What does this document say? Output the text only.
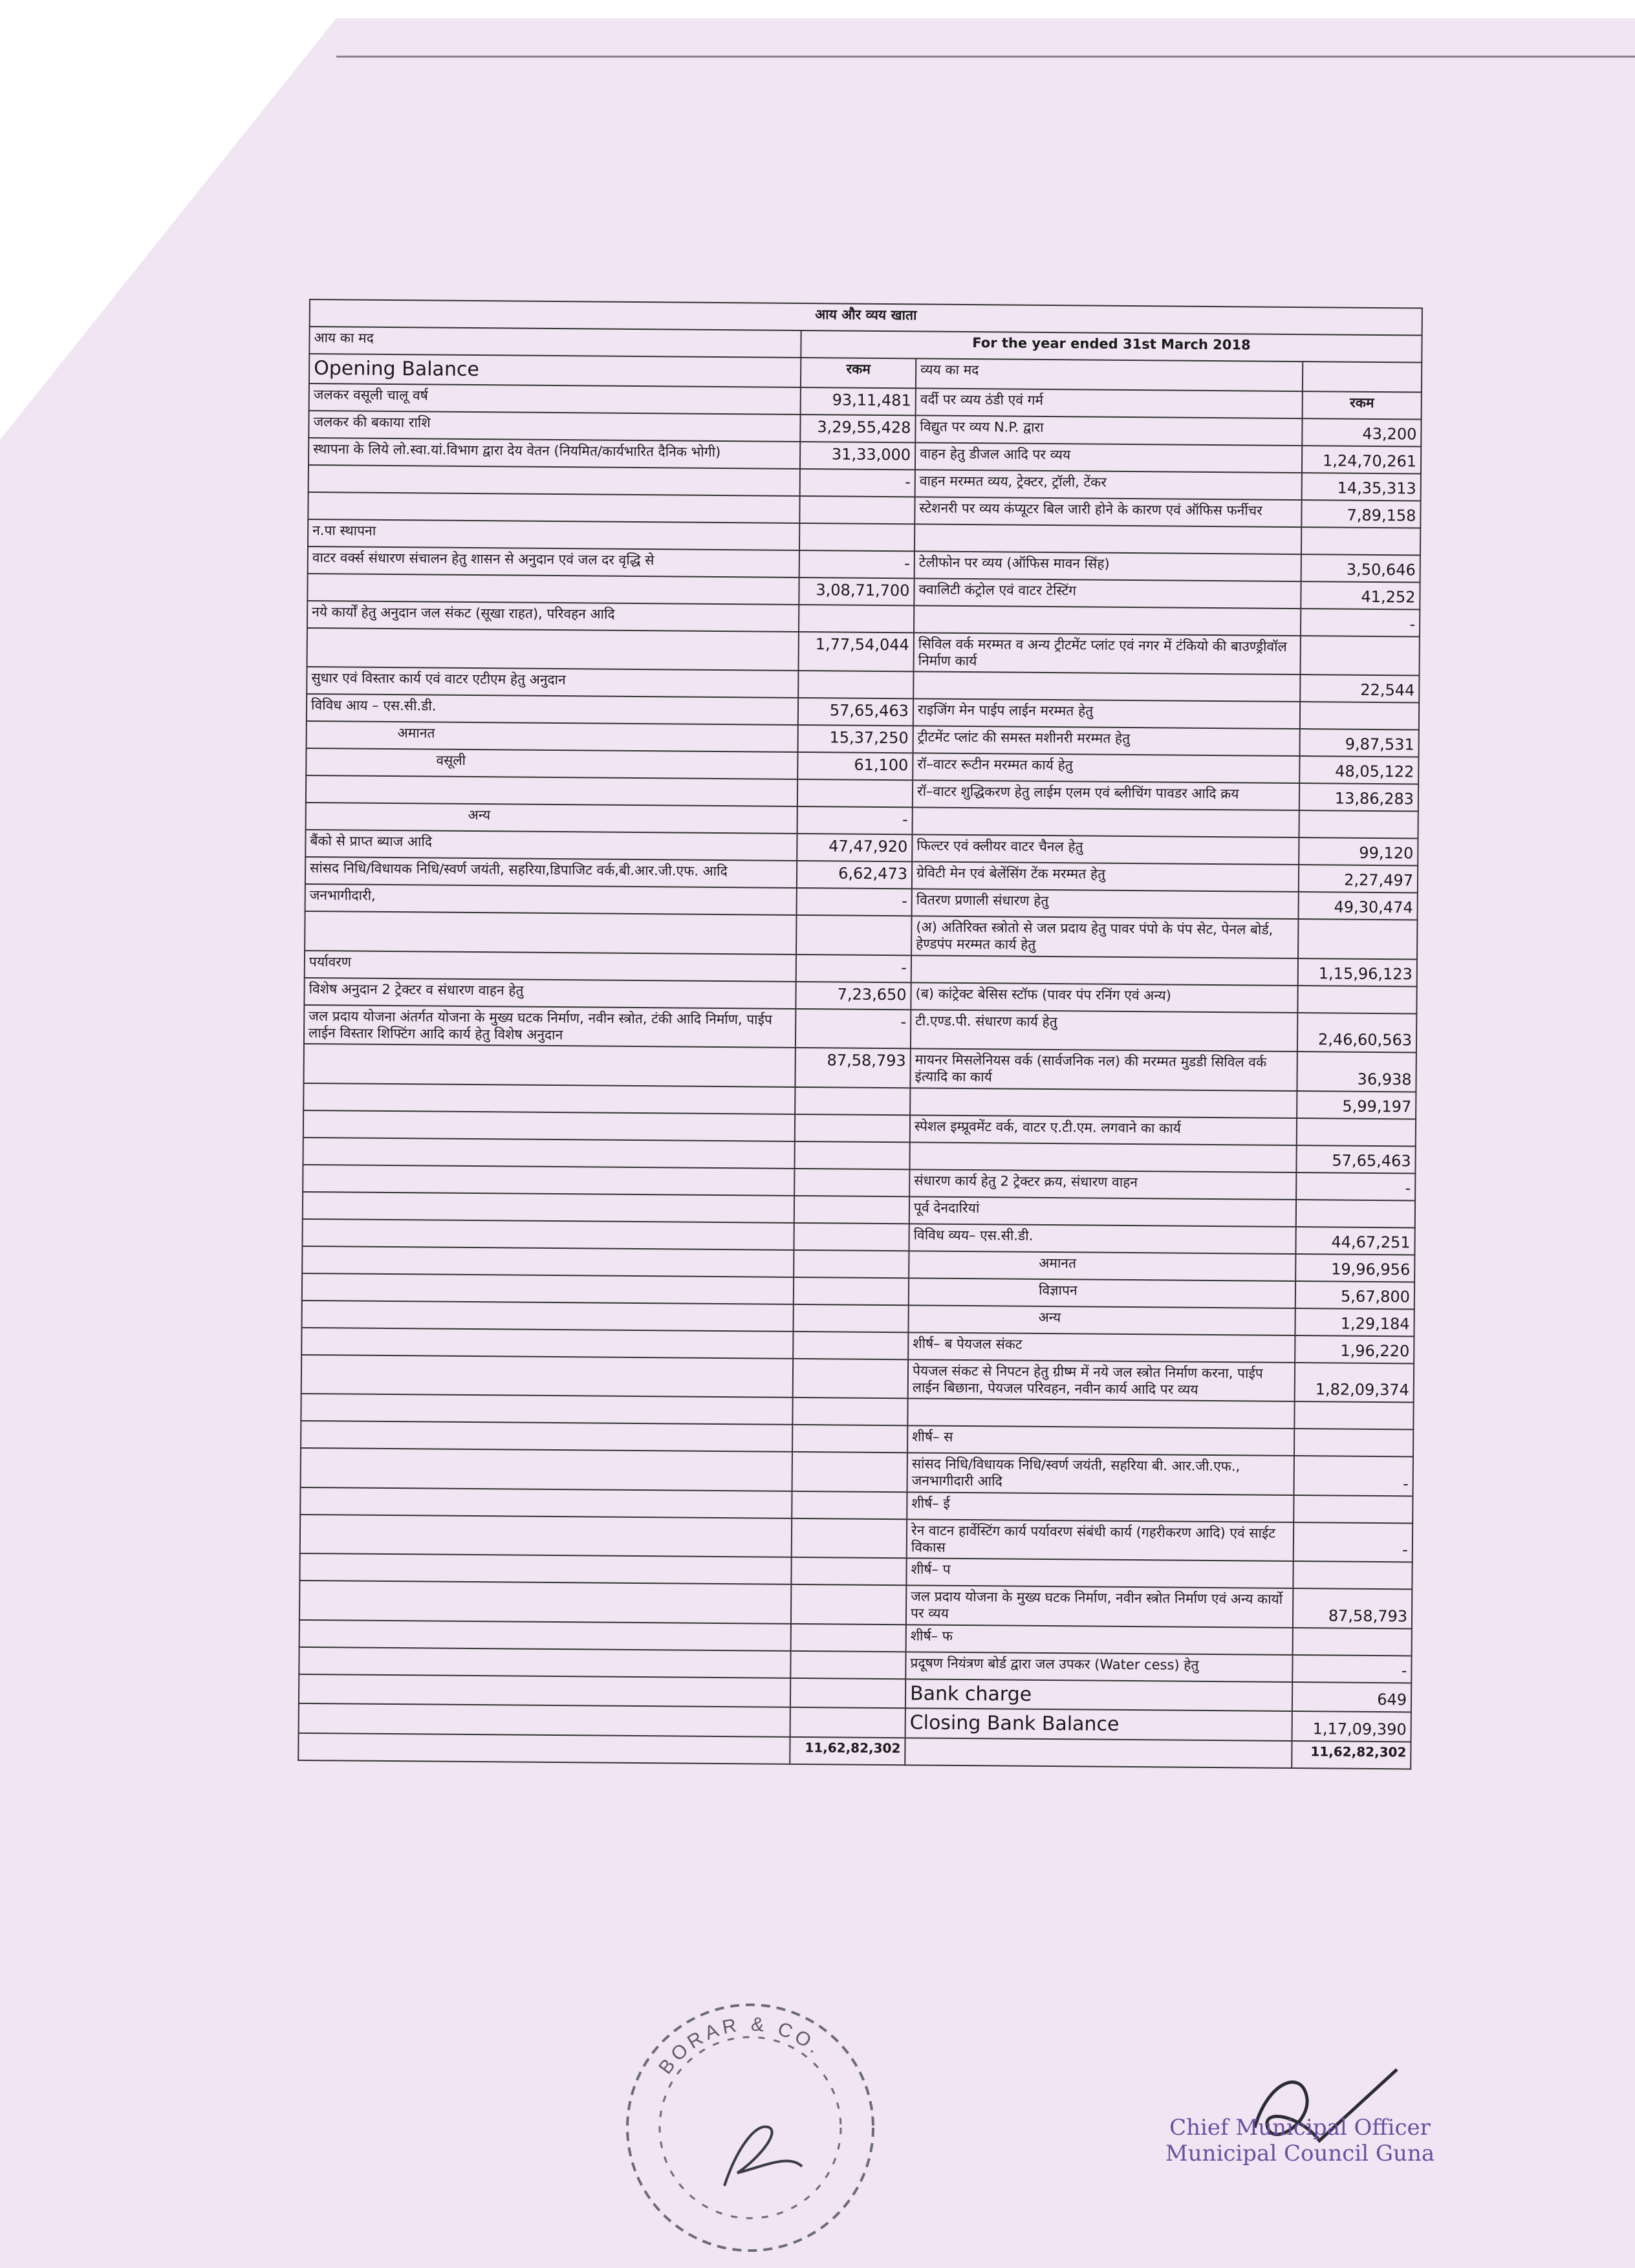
आय और व्यय खाता			
आय का मद	For the year ended 31st March 2018		
Opening Balance	रकम	व्यय का मद	
जलकर वसूली चालू वर्ष	93,11,481	वर्दी पर व्यय ठंडी एवं गर्म	रकम
जलकर की बकाया राशि	3,29,55,428	विद्युत पर व्यय N.P. द्वारा	43,200
स्थापना के लिये लो.स्वा.यां.विभाग द्वारा देय वेतन (नियमित/कार्यभारित दैनिक भोगी)	31,33,000	वाहन हेतु डीजल आदि पर व्यय	1,24,70,261
	-	वाहन मरम्मत व्यय, ट्रेक्टर, ट्रॉली, टेंकर	14,35,313
		स्टेशनरी पर व्यय कंप्यूटर बिल जारी होने के कारण एवं ऑफिस फर्नीचर	7,89,158
न.पा स्थापना			
वाटर वर्क्स संधारण संचालन हेतु शासन से अनुदान एवं जल दर वृद्धि से	-	टेलीफोन पर व्यय (ऑफिस मावन सिंह)	3,50,646
	3,08,71,700	क्वालिटी कंट्रोल एवं वाटर टेस्टिंग	41,252
नये कार्यों हेतु अनुदान जल संकट (सूखा राहत), परिवहन आदि			-
	1,77,54,044	सिविल वर्क मरम्मत व अन्य ट्रीटमेंट प्लांट एवं नगर में टंकियो की बाउण्ड्रीवॉल निर्माण कार्य	
सुधार एवं विस्तार कार्य एवं वाटर एटीएम हेतु अनुदान			22,544
विविध आय – एस.सी.डी.	57,65,463	राइजिंग मेन पाईप लाईन मरम्मत हेतु	
अमानत	15,37,250	ट्रीटमेंट प्लांट की समस्त मशीनरी मरम्मत हेतु	9,87,531
वसूली	61,100	रॉ–वाटर रूटीन मरम्मत कार्य हेतु	48,05,122
		रॉ–वाटर शुद्धिकरण हेतु लाईम एलम एवं ब्लीचिंग पावडर आदि क्रय	13,86,283
अन्य	-		
बैंको से प्राप्त ब्याज आदि	47,47,920	फिल्टर एवं क्लीयर वाटर चैनल हेतु	99,120
सांसद निधि/विधायक निधि/स्वर्ण जयंती, सहरिया,डिपाजिट वर्क,बी.आर.जी.एफ. आदि	6,62,473	ग्रेविटी मेन एवं बेलेंसिंग टेंक मरम्मत हेतु	2,27,497
जनभागीदारी,	-	वितरण प्रणाली संधारण हेतु	49,30,474
		(अ) अतिरिक्त स्त्रोतो से जल प्रदाय हेतु पावर पंपो के पंप सेट, पेनल बोर्ड, हेण्डपंप मरम्मत कार्य हेतु	
पर्यावरण	-		1,15,96,123
विशेष अनुदान 2 ट्रेक्टर व संधारण वाहन हेतु	7,23,650	(ब) कांट्रेक्ट बेसिस स्टॉफ (पावर पंप रनिंग एवं अन्य)	
जल प्रदाय योजना अंतर्गत योजना के मुख्य घटक निर्माण, नवीन स्त्रोत, टंकी आदि निर्माण, पाईप लाईन विस्तार शिफ्टिंग आदि कार्य हेतु विशेष अनुदान	-	टी.एण्ड.पी. संधारण कार्य हेतु	2,46,60,563
	87,58,793	मायनर मिसलेनियस वर्क (सार्वजनिक नल) की मरम्मत मुडडी सिविल वर्क इंत्यादि का कार्य	36,938
			5,99,197
		स्पेशल इम्प्रूवमेंट वर्क, वाटर ए.टी.एम. लगवाने का कार्य	
			57,65,463
		संधारण कार्य हेतु 2 ट्रेक्टर क्रय, संधारण वाहन	-
		पूर्व देनदारियां	
		विविध व्यय– एस.सी.डी.	44,67,251
		अमानत	19,96,956
		विज्ञापन	5,67,800
		अन्य	1,29,184
		शीर्ष– ब पेयजल संकट	1,96,220
		पेयजल संकट से निपटन हेतु ग्रीष्म में नये जल स्त्रोत निर्माण करना, पाईप लाईन बिछाना, पेयजल परिवहन, नवीन कार्य आदि पर व्यय	1,82,09,374

		शीर्ष– स	
		सांसद निधि/विधायक निधि/स्वर्ण जयंती, सहरिया बी. आर.जी.एफ., जनभागीदारी आदि	-
		शीर्ष– ई	
		रेन वाटन हार्वेस्टिंग कार्य पर्यावरण संबंधी कार्य (गहरीकरण आदि) एवं साईट विकास	-
		शीर्ष– प	
		जल प्रदाय योजना के मुख्य घटक निर्माण, नवीन स्त्रोत निर्माण एवं अन्य कार्यो पर व्यय	87,58,793
		शीर्ष– फ	
		प्रदूषण नियंत्रण बोर्ड द्वारा जल उपकर (Water cess) हेतु	-
		Bank charge	649
		Closing Bank Balance	1,17,09,390
	11,62,82,302		11,62,82,302
BORAR & CO.
Chief Municipal Officer
Municipal Council Guna
